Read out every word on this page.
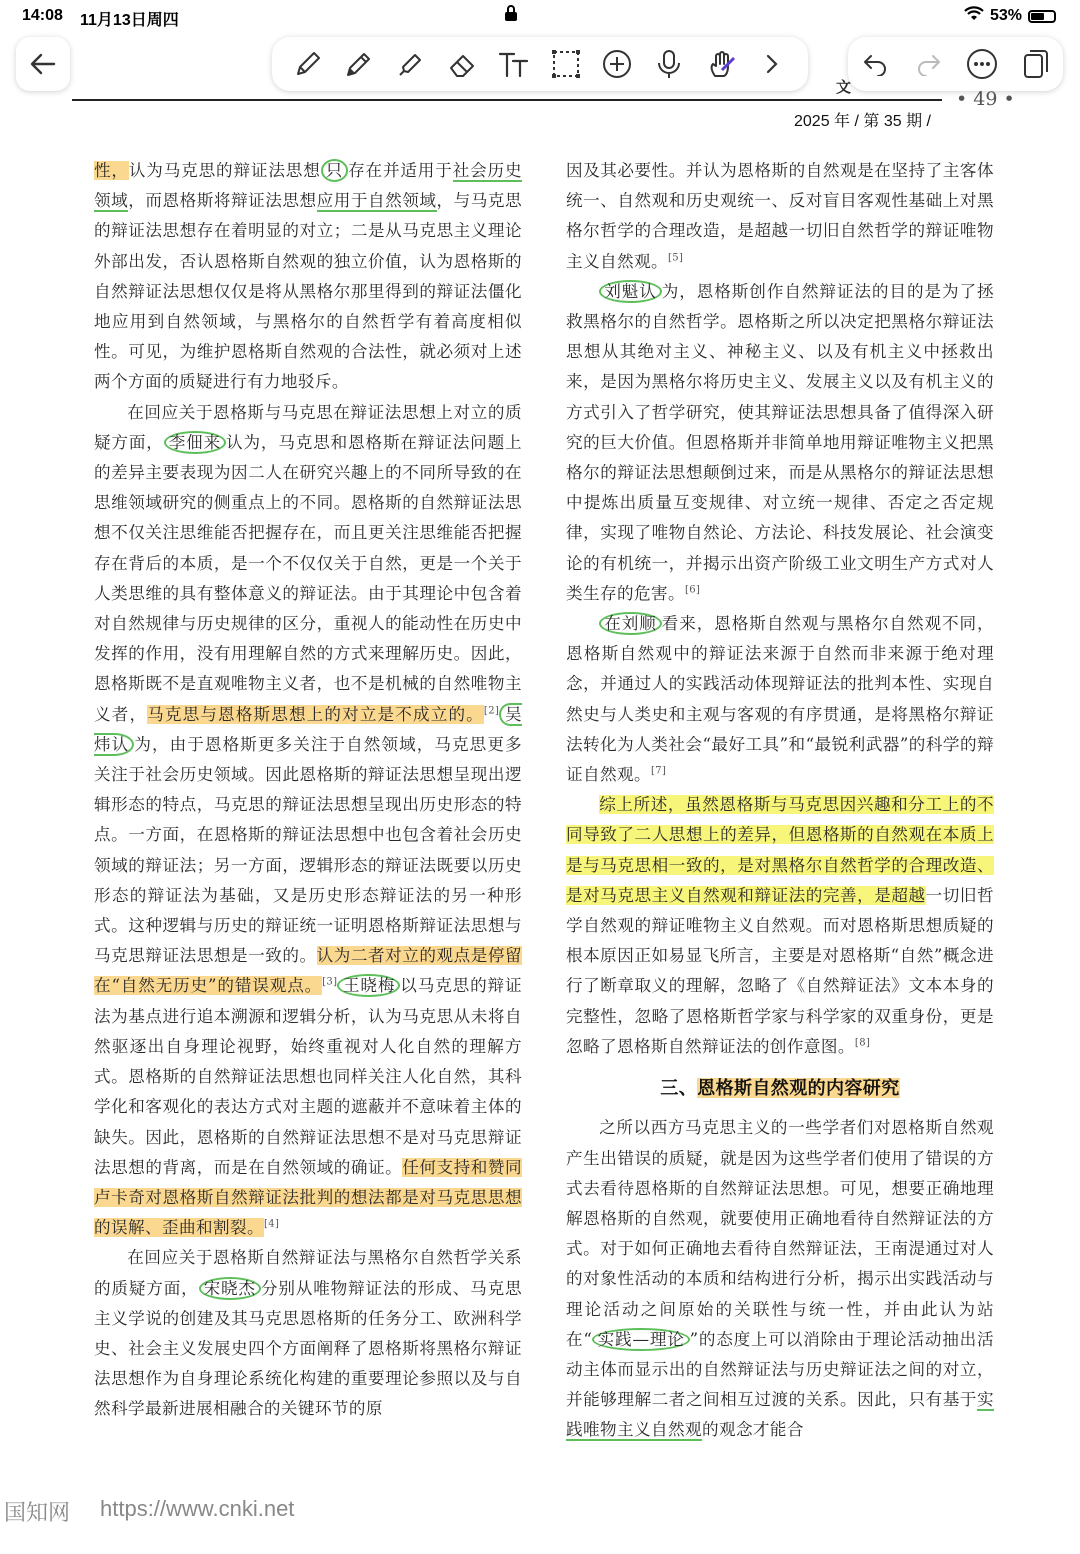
14:08 11月13日周四	53%
文
• 49 •
2025 年 / 第 35 期 /

性，认为马克思的辩证法思想 只 存在并适用于社会历史领域，而恩格斯将辩证法思想应用于自然领域，与马克思的辩证法思想存在着明显的对立；二是从马克思主义理论外部出发，否认恩格斯自然观的独立价值，认为恩格斯的自然辩证法思想仅仅是将从黑格尔那里得到的辩证法僵化地应用到自然领域，与黑格尔的自然哲学有着高度相似性。可见，为维护恩格斯自然观的合法性，就必须对上述两个方面的质疑进行有力地驳斥。

在回应关于恩格斯与马克思在辩证法思想上对立的质疑方面， 李佃来 认为，马克思和恩格斯在辩证法问题上的差异主要表现为因二人在研究兴趣上的不同所导致的在思维领域研究的侧重点上的不同。恩格斯的自然辩证法思想不仅关注思维能否把握存在，而且更关注思维能否把握存在背后的本质，是一个不仅仅关于自然，更是一个关于人类思维的具有整体意义的辩证法。由于其理论中包含着对自然规律与历史规律的区分，重视人的能动性在历史中发挥的作用，没有用理解自然的方式来理解历史。因此，恩格斯既不是直观唯物主义者，也不是机械的自然唯物主义者，马克思与恩格斯思想上的对立是不成立的。[2] 吴炜认 为，由于恩格斯更多关注于自然领域，马克思更多关注于社会历史领域。因此恩格斯的辩证法思想呈现出逻辑形态的特点，马克思的辩证法思想呈现出历史形态的特点。一方面，在恩格斯的辩证法思想中也包含着社会历史领域的辩证法；另一方面，逻辑形态的辩证法既要以历史形态的辩证法为基础，又是历史形态辩证法的另一种形式。这种逻辑与历史的辩证统一证明恩格斯辩证法思想与马克思辩证法思想是一致的。认为二者对立的观点是停留在“自然无历史”的错误观点。[3] 王晓梅 以马克思的辩证法为基点进行追本溯源和逻辑分析，认为马克思从未将自然驱逐出自身理论视野，始终重视对人化自然的理解方式。恩格斯的自然辩证法思想也同样关注人化自然，其科学化和客观化的表达方式对主题的遮蔽并不意味着主体的缺失。因此，恩格斯的自然辩证法思想不是对马克思辩证法思想的背离，而是在自然领域的确证。任何支持和赞同卢卡奇对恩格斯自然辩证法批判的想法都是对马克思思想的误解、歪曲和割裂。[4]

在回应关于恩格斯自然辩证法与黑格尔自然哲学关系的质疑方面， 宋晓杰 分别从唯物辩证法的形成、马克思主义学说的创建及其马克思恩格斯的任务分工、欧洲科学史、社会主义发展史四个方面阐释了恩格斯将黑格尔辩证法思想作为自身理论系统化构建的重要理论参照以及与自然科学最新进展相融合的关键环节的原

因及其必要性。并认为恩格斯的自然观是在坚持了主客体统一、自然观和历史观统一、反对盲目客观性基础上对黑格尔哲学的合理改造，是超越一切旧自然哲学的辩证唯物主义自然观。[5]

刘魁认 为，恩格斯创作自然辩证法的目的是为了拯救黑格尔的自然哲学。恩格斯之所以决定把黑格尔辩证法思想从其绝对主义、神秘主义、以及有机主义中拯救出来，是因为黑格尔将历史主义、发展主义以及有机主义的方式引入了哲学研究，使其辩证法思想具备了值得深入研究的巨大价值。但恩格斯并非简单地用辩证唯物主义把黑格尔的辩证法思想颠倒过来，而是从黑格尔的辩证法思想中提炼出质量互变规律、对立统一规律、否定之否定规律，实现了唯物自然论、方法论、科技发展论、社会演变论的有机统一，并揭示出资产阶级工业文明生产方式对人类生存的危害。[6]

在刘顺 看来，恩格斯自然观与黑格尔自然观不同，恩格斯自然观中的辩证法来源于自然而非来源于绝对理念，并通过人的实践活动体现辩证法的批判本性、实现自然史与人类史和主观与客观的有序贯通，是将黑格尔辩证法转化为人类社会“最好工具”和“最锐利武器”的科学的辩证自然观。[7]

综上所述，虽然恩格斯与马克思因兴趣和分工上的不同导致了二人思想上的差异，但恩格斯的自然观在本质上是与马克思相一致的，是对黑格尔自然哲学的合理改造、是对马克思主义自然观和辩证法的完善，是超越一切旧哲学自然观的辩证唯物主义自然观。而对恩格斯思想质疑的根本原因正如易显飞所言，主要是对恩格斯“自然”概念进行了断章取义的理解，忽略了《自然辩证法》文本本身的完整性，忽略了恩格斯哲学家与科学家的双重身份，更是忽略了恩格斯自然辩证法的创作意图。[8]

三、恩格斯自然观的内容研究

之所以西方马克思主义的一些学者们对恩格斯自然观产生出错误的质疑，就是因为这些学者们使用了错误的方式去看待恩格斯的自然辩证法思想。可见，想要正确地理解恩格斯的自然观，就要使用正确地看待自然辩证法的方式。对于如何正确地去看待自然辩证法，王南湜通过对人的对象性活动的本质和结构进行分析，揭示出实践活动与理论活动之间原始的关联性与统一性，并由此认为站在“ 实践—理论 ”的态度上可以消除由于理论活动抽出活动主体而显示出的自然辩证法与历史辩证法之间的对立，并能够理解二者之间相互过渡的关系。因此，只有基于实践唯物主义自然观的观念才能合

国知网 https://www.cnki.net
